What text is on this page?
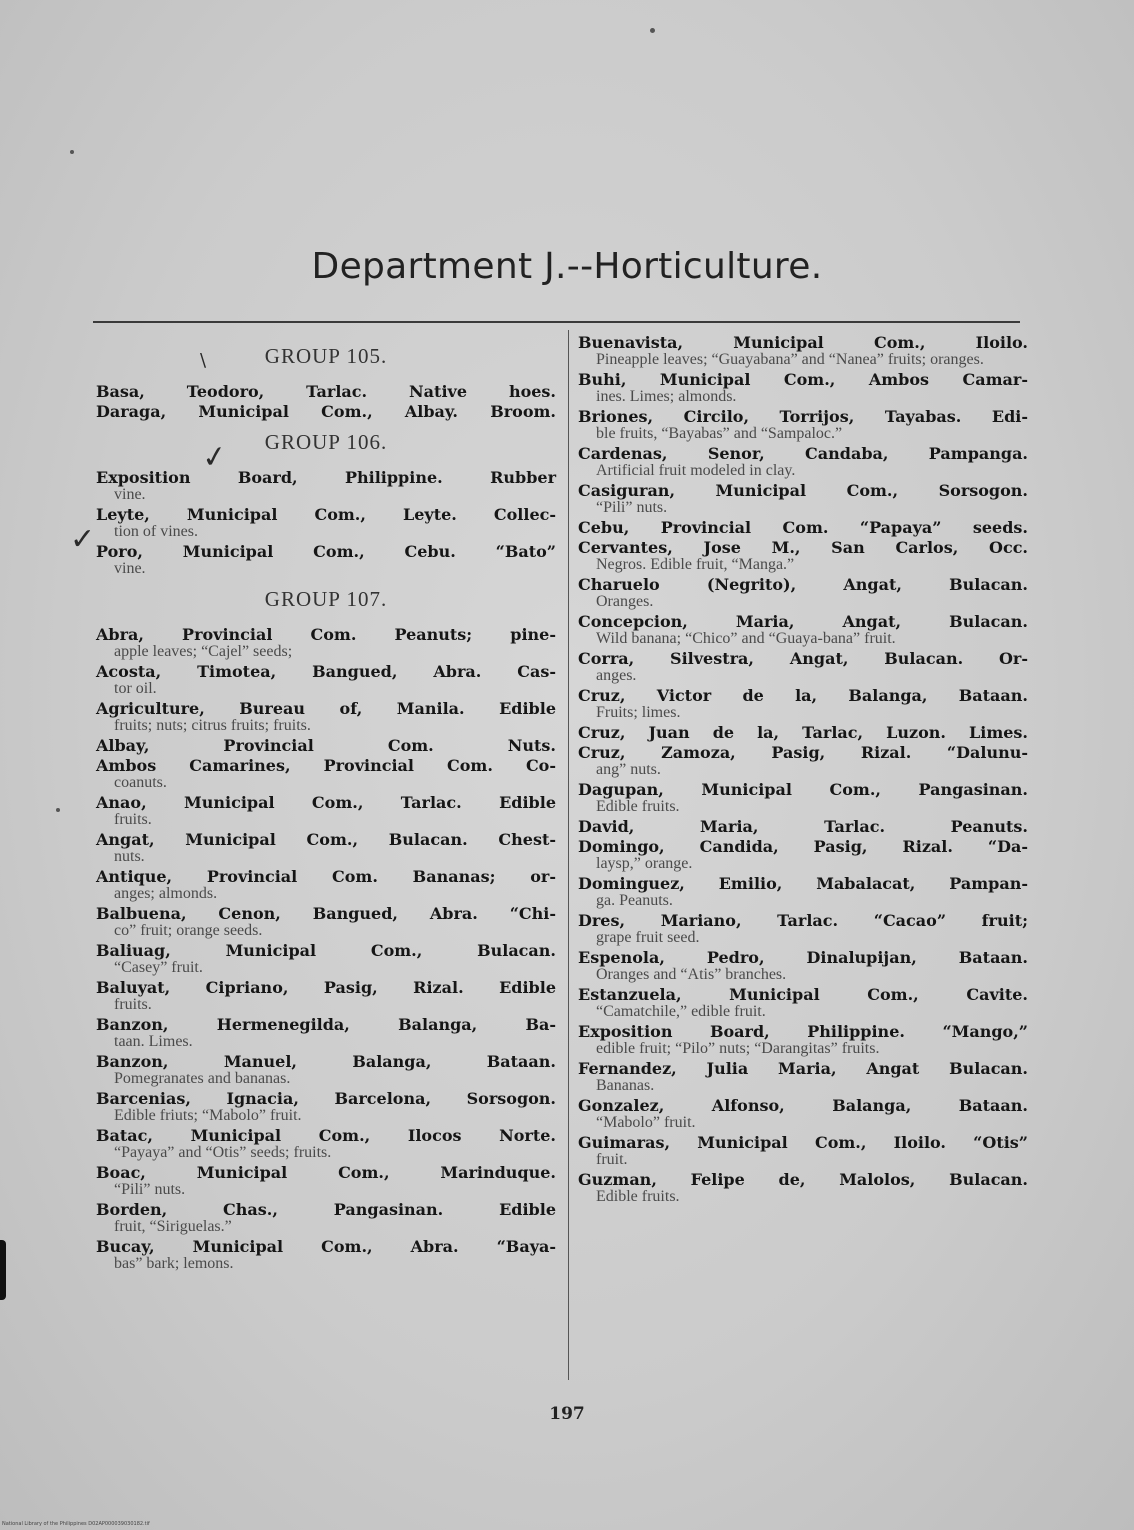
Department J.--Horticulture.
\
✓
✓
GROUP 105.
Basa, Teodoro, Tarlac. Native hoes.
Daraga, Municipal Com., Albay. Broom.
GROUP 106.
Exposition Board, Philippine. Rubber
vine.
Leyte, Municipal Com., Leyte. Collec-
tion of vines.
Poro, Municipal Com., Cebu. “Bato”
vine.
GROUP 107.
Abra, Provincial Com. Peanuts; pine-
apple leaves; “Cajel” seeds;
Acosta, Timotea, Bangued, Abra. Cas-
tor oil.
Agriculture, Bureau of, Manila. Edible
fruits; nuts; citrus fruits; fruits.
Albay, Provincial Com. Nuts.
Ambos Camarines, Provincial Com. Co-
coanuts.
Anao, Municipal Com., Tarlac. Edible
fruits.
Angat, Municipal Com., Bulacan. Chest-
nuts.
Antique, Provincial Com. Bananas; or-
anges; almonds.
Balbuena, Cenon, Bangued, Abra. “Chi-
co” fruit; orange seeds.
Baliuag, Municipal Com., Bulacan.
“Casey” fruit.
Baluyat, Cipriano, Pasig, Rizal. Edible
fruits.
Banzon, Hermenegilda, Balanga, Ba-
taan. Limes.
Banzon, Manuel, Balanga, Bataan.
Pomegranates and bananas.
Barcenias, Ignacia, Barcelona, Sorsogon.
Edible friuts; “Mabolo” fruit.
Batac, Municipal Com., Ilocos Norte.
“Payaya” and “Otis” seeds; fruits.
Boac, Municipal Com., Marinduque.
“Pili” nuts.
Borden, Chas., Pangasinan. Edible
fruit, “Siriguelas.”
Bucay, Municipal Com., Abra. “Baya-
bas” bark; lemons.
Buenavista, Municipal Com., Iloilo.
Pineapple leaves; “Guayabana” and “Nanea” fruits; oranges.
Buhi, Municipal Com., Ambos Camar-
ines. Limes; almonds.
Briones, Circilo, Torrijos, Tayabas. Edi-
ble fruits, “Bayabas” and “Sampaloc.”
Cardenas, Senor, Candaba, Pampanga.
Artificial fruit modeled in clay.
Casiguran, Municipal Com., Sorsogon.
“Pili” nuts.
Cebu, Provincial Com. “Papaya” seeds.
Cervantes, Jose M., San Carlos, Occ.
Negros. Edible fruit, “Manga.”
Charuelo (Negrito), Angat, Bulacan.
Oranges.
Concepcion, Maria, Angat, Bulacan.
Wild banana; “Chico” and “Guaya-bana” fruit.
Corra, Silvestra, Angat, Bulacan. Or-
anges.
Cruz, Victor de la, Balanga, Bataan.
Fruits; limes.
Cruz, Juan de la, Tarlac, Luzon. Limes.
Cruz, Zamoza, Pasig, Rizal. “Dalunu-
ang” nuts.
Dagupan, Municipal Com., Pangasinan.
Edible fruits.
David, Maria, Tarlac. Peanuts.
Domingo, Candida, Pasig, Rizal. “Da-
laysp,” orange.
Dominguez, Emilio, Mabalacat, Pampan-
ga. Peanuts.
Dres, Mariano, Tarlac. “Cacao” fruit;
grape fruit seed.
Espenola, Pedro, Dinalupijan, Bataan.
Oranges and “Atis” branches.
Estanzuela, Municipal Com., Cavite.
“Camatchile,” edible fruit.
Exposition Board, Philippine. “Mango,”
edible fruit; “Pilo” nuts; “Darangitas” fruits.
Fernandez, Julia Maria, Angat Bulacan.
Bananas.
Gonzalez, Alfonso, Balanga, Bataan.
“Mabolo” fruit.
Guimaras, Municipal Com., Iloilo. “Otis”
fruit.
Guzman, Felipe de, Malolos, Bulacan.
Edible fruits.
197
National Library of the Philippines D02AP000039030182.tif
